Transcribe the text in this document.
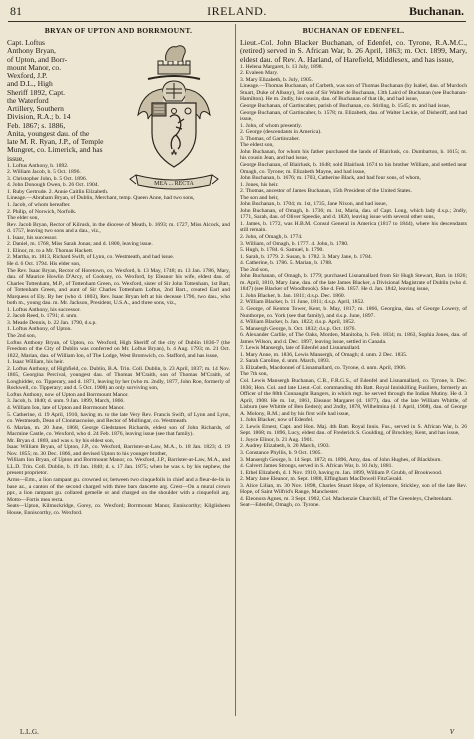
81	IRELAND.	Buchanan.
BRYAN OF UPTON AND BORRMOUNT.
MEA ... RECTA
Capt. Loftus
Anthony Bryan,
of Upton, and Borr-
mount Manor, co.
Wexford, J.P.
and D.L., High
Sheriff 1892, Capt.
the Waterford
Artillery, Southern
Division, R.A.; b. 14
Feb. 1867; s. 1886,
Anita, youngest dau. of the
late M. R. Ryan, J.P., of Temple
Mungret, co. Limerick, and has
issue,

1. Loftus Anthony, b. 1892.

2. William Jacob, b. 5 Oct. 1896.

3. Christopher John, b. 5 Oct. 1896.

4. John Donough Owen, b. 26 Oct. 1904.

1. Ruby Gertrude. 2. Annie Caitlin Elizabeth.

Lineage.—Abraham Bryan, of Dublin, Merchant, temp. Queen Anne, had two sons,

1. Jacob, of whom hereafter.

2. Philip, of Norwich, Norfolk.

The elder son,

Rev. Jacob Bryan, Rector of Kilrush, in the diocese of Meath, b. 1693; m. 1727, Miss Alcock, and d. 1757, leaving two sons and a dau., viz.,

1. Isaac, his successor.

2. Daniel, m. 1768, Miss Sarah Jonas; and d. 1800, leaving issue.

1. Elinor, m. to a Mr. Thomas Hackett.

2. Martha, m. 1813, Richard Swift, of Lynn, co. Westmeath, and had issue.

He d. 6 Oct. 1794. His elder son,

The Rev. Isaac Bryan, Rector of Horetown, co. Wexford, b. 13 May, 1748; m. 13 Jan. 1786, Mary, dau. of Maurice Howlin D'Arcy, of Cooksey, co. Wexford, by Eleanor his wife, eldest dau. of Charles Tottenham, M.P., of Tottenham Green, co. Wexford, sister of Sir John Tottenham, 1st Bart, of Tottenham Green, and aunt of Sir Charles Tottenham Loftus, 2nd Bart., created Earl and Marquess of Ely. By her (who d. 1803), Rev. Isaac Bryan left at his decease 1796, two dau., who both m., young dau. m. Mr. Jackson, President, U.S.A., and three sons, viz.,

1. Loftus Anthony, his successor.

2. Jacob Reed, b. 1791; d. unm.

3. Meade Dennis, b. 22 Jan. 1790, d.s.p.

1. Loftus Anthony, of Upton.

The 2nd son,

Loftus Anthony Bryan, of Upton, co. Wexford, High Sheriff of the city of Dublin 1836-7 (the Freedom of the City of Dublin was conferred on Mr. Loftus Bryan), b. 4 Aug. 1793; m. 21 Oct. 1822, Marian, dau. of William Ion, of The Lodge, West Bromwich, co. Stafford, and has issue,

1. Isaac William, his heir.

2. Loftus Anthony, of Highfield, co. Dublin, B.A. Trin. Coll. Dublin, b. 23 April, 1837; m. 14 Nov. 1865, Georgina Percival, youngest dau. of Thomas M'Craith, son of Thomas M'Craith, of Longhidder, co. Tipperary, and d. 1871, leaving by her (who m. 2ndly, 1877, John Roe, formerly of Rockwell, co. Tipperary; and d. 5 Oct. 1908) an only surviving son,

Loftus Anthony, now of Upton and Borrmount Manor.

3. Jacob, b. 1840; d. unm. 9 Jan. 1899, March, 1866.

4. William Ion, late of Upton and Borrmount Manor.

5. Catherine, d. 19 April, 1910, having m. to the late Very Rev. Francis Swift, of Lynn and Lynn, co. Westmeath, Dean of Clonmacnoise, and Rector of Mullingar, co. Westmeath.

6. Marian, m. 20 June, 1868, George Gledstanes Richards, eldest son of John Richards, of Macmine Castle, co. Wexford, who d. 24 Feb. 1876, leaving issue (see that family).

Mr. Bryan d. 1869, and was s. by his eldest son,

Isaac William Bryan, of Upton, J.P., co. Wexford, Barrister-at-Law, M.A., b. 18 Jan. 1823; d. 19 Nov. 1855; m. 30 Dec. 1866, and devised Upton to his younger brother,

William Ion Bryan, of Upton and Borrmount Manor, co. Wexford, J.P., Barrister-at-Law, M.A., and LL.D. Trin. Coll. Dublin, b. 19 Jan. 1840; d. s. 17 Jan. 1875; when he was s. by his nephew, the present proprietor.

Arms—Erm., a lion rampant gu. crowned or, between two cinquefoils in chief and a fleur-de-lis in base az., a canton of the second charged with three bars dancette arg. Crest—On a mural crown ppr., a lion rampant gu. collared gemelle or and charged on the shoulder with a cinquefoil arg. Motto—Fortis mea recta.

Seats—Upton, Kilmuckridge, Gorey, co. Wexford; Borrmount Manor, Enniscorthy; Kilglisheen House, Enniscorthy, co. Wexford.

BUCHANAN OF EDENFEL.

Lieut.-Col. John Blacker Buchanan, of Edenfel, co. Tyrone, R.A.M.C., (retired) served in S. African War, b. 26 April, 1863; m. Oct. 1899, Mary, eldest dau. of Rev. A. Harland, of Harefield, Middlesex, and has issue,

1. Helena Margaret, b. 13 July, 1898.

2. Evaleen Mary.

3. Mary Elizabeth, b. July, 1905.

Lineage.—Thomas Buchanan, of Carbeth, was son of Thomas Buchanan (by Isabel, dau. of Murdoch Stuart, Duke of Albany), 3rd son of Sir Walter de Buchanan, 13th Laird of Buchanan (see Buchanan-Hamilton). He m. 2ndly, his cousin, dau. of Buchanan of that ilk, and had issue,

George Buchanan, of Gartincaber, parish of Buchanan, co. Stirling, b. 1545; m. and had issue,

George Buchanan, of Gartincaber, b. 1578; m. Elizabeth, dau. of Walter Leckie, of Disheriff, and had issue,

1. John, of whom presently.

2. George (descendants in America).

3. Thomas, of Gartincaber.

The eldest son,

John Buchanan, for whom his father purchased the lands of Blairlusk, co. Dumbarton, b. 1615; m. his cousin Jean, and had issue,

George Buchanan, of Blairlusk, b. 1648; sold Blairlusk 1674 to his brother William, and settled near Omagh, co. Tyrone; m. Elizabeth Mayne, and had issue,

John Buchanan, b. 1676; m. 1703, Catherine Black, and had four sons, of whom,

1. Jones, his heir.

2. Thomas, ancestor of James Buchanan, 15th President of the United States.

The son and heir,

John Buchanan, b. 1704; m. 1st, 1735, Jane Nixon, and had issue,

John Buchanan, of Omagh, b. 1736; m. 1st, Maria, dau. of Capt. Long, which lady d.s.p.; 2ndly, 1771, Sarah, dau. of Oliver Speedie, and d. 1820, leaving issue with several other sons,

1. James, b. 1772, was H.B.M. Consul General in America (1817 to 1844), where his descendants still remain.

2. John, of Omagh, b. 1774.

3. William, of Omagh, b. 1777. 4. John, b. 1780.

5. Hugh, b. 1784. 6. Samuel, b. 1790.

1. Sarah, b. 1779. 2. Susan, b. 1782. 3. Mary Jane, b. 1784.

4. Catherine, b. 1786. 5. Marian, b. 1788.

The 2nd son,

John Buchanan, of Omagh, b. 1779; purchased Lisnamallard from Sir Hugh Stewart, Bart. in 1826; m. April, 1810, Mary Jane, dau. of the late James Blacker, a Divisional Magistrate of Dublin (who d. 1847) (see Blacker of Woodbrook). She d. Feb. 1857. He d. Jan. 1842, leaving issue,

1. John Blacker, b. Jan. 1811; d.s.p. Dec. 1860.

2. William Blacker, b. 11 June, 1811; d.s.p. April, 1852.

3. George, of Kenton Tower, Kent, b. May, 1817; m. 1866, Georgina, dau. of George Lowery, of Nunthorpe, co. York (see that family), and d.s.p. June, 1897.

4. William Blacker, b. Jan. 1822; d.s.p. April, 1852.

5. Mansergh George, b. Oct. 1832; d.s.p. Oct. 1876.

6. Alexander Carlile, of The Oaks, Morden, Manitoba, b. Feb. 1834; m. 1863, Sophia Jones, dau. of James Wilson, and d. Dec. 1897, leaving issue, settled in Canada.

7. Lewis Mansergh, late of Edenfel and Lisnamallard.

1. Mary Anne, m. 1836, Lewis Mansergh, of Omagh; d. unm. 2 Dec. 1835.

2. Sarah Caroline, d. unm. March, 1893.

3. Elizabeth, Macdonnel of Lisnamallard, co. Tyrone, d. unm. April, 1906.

The 7th son,

Col. Lewis Mansergh Buchanan, C.B., F.R.G.S., of Edenfel and Lisnamallard, co. Tyrone, b. Dec. 1836; Hon. Col. and late Lieut.-Col. commanding 4th Batt. Royal Inniskilling Fusiliers, formerly an Officer of the 88th Connaught Rangers, in which regt. he served through the Indian Mutiny. He d. 3 April, 1908. He m. 1st, 1861, Eleanor Margaret (d. 1877), dau. of the late William Whittle, of Lisburn (see Whittle of Ben Eeden); and 2ndly, 1878, Wilhelmina (d. 1 April, 1908), dau. of George A. Molony, R.M.; and by his first wife had issue,

1. John Blacker, now of Edenfel.

2. Lewis Ernest, Capt. and Hon. Maj. 4th Batt. Royal Innis. Fus., served in S. African War, b. 26 Sept. 1868; m. 1896, Lucy, eldest dau. of Frederick S. Goulding, of Brockley, Kent, and has issue,

1. Joyce Elinor, b. 21 Aug. 1901.

2. Audrey Elizabeth, b. 26 March, 1903.

3. Constance Phyllis, b. 9 Oct. 1905.

3. Mansergh George, b. 14 Sept. 1872; m. 1896, Amy, dau. of John Hughes, of Blackburn.

4. Calvert James Strongs, served in S. African War, b. 10 July, 1881.

1. Ethel Elizabeth, d. 1 Nov. 1910, having m. Jan. 1899, William P. Grubb, of Brookwood.

2. Mary Jane Eleanor, m. Sept. 1888, Effingham MacDowell FitzGerald.

3. Alice Lilian, m. 30 Nov. 1898, Charles Stuart Hope, of Kylemore, Stickley, son of the late Rev. Hope, of Saint Wilfrid's Range, Manchester.

4. Eleonora Agnes, m. 3 Sept. 1902, Col. Mackenzie Churchill, of The Greenleys, Cheltenham.

Seat—Edenfel, Omagh, co. Tyrone.

L.L.G.	V
